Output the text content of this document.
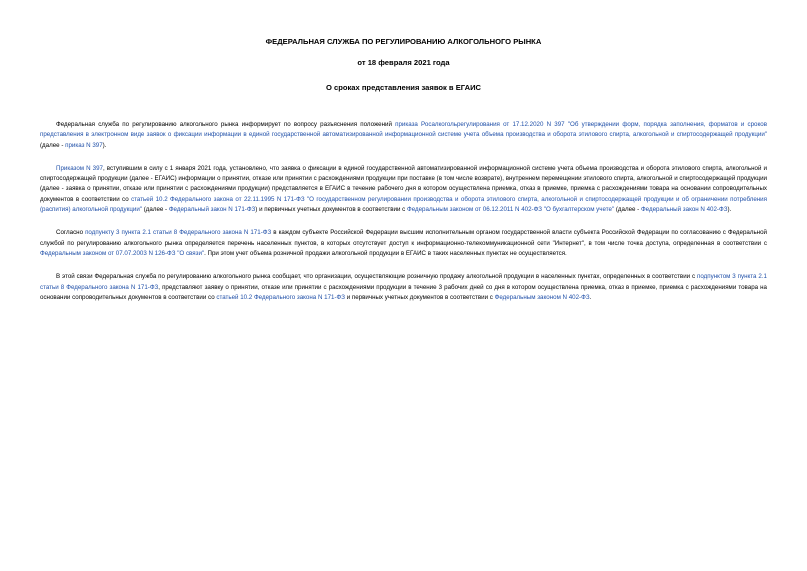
ФЕДЕРАЛЬНАЯ СЛУЖБА ПО РЕГУЛИРОВАНИЮ АЛКОГОЛЬНОГО РЫНКА
от 18 февраля 2021 года
О сроках представления заявок в ЕГАИС

Федеральная служба по регулированию алкогольного рынка информирует по вопросу разъяснения положений приказа Росалкогольрегулирования от 17.12.2020 N 397 "Об утверждении форм, порядка заполнения, форматов и сроков представления в электронном виде заявок о фиксации информации в единой государственной автоматизированной информационной системе учета объема производства и оборота этилового спирта, алкогольной и спиртосодержащей продукции" (далее - приказ N 397).

Приказом N 397, вступившим в силу с 1 января 2021 года, установлено, что заявка о фиксации в единой государственной автоматизированной информационной системе учета объема производства и оборота этилового спирта, алкогольной и спиртосодержащей продукции (далее - ЕГАИС) информации о принятии, отказе или принятии с расхождениями продукции при поставке (в том числе возврате), внутреннем перемещении этилового спирта, алкогольной и спиртосодержащей продукции (далее - заявка о принятии, отказе или принятии с расхождениями продукции) представляется в ЕГАИС в течение рабочего дня в котором осуществлена приемка, отказ в приемке, приемка с расхождениями товара на основании сопроводительных документов в соответствии со статьей 10.2 Федерального закона от 22.11.1995 N 171-ФЗ "О государственном регулировании производства и оборота этилового спирта, алкогольной и спиртосодержащей продукции и об ограничении потребления (распития) алкогольной продукции" (далее - Федеральный закон N 171-ФЗ) и первичных учетных документов в соответствии с Федеральным законом от 06.12.2011 N 402-ФЗ "О бухгалтерском учете" (далее - Федеральный закон N 402-ФЗ).

Согласно подпункту 3 пункта 2.1 статьи 8 Федерального закона N 171-ФЗ в каждом субъекте Российской Федерации высшим исполнительным органом государственной власти субъекта Российской Федерации по согласованию с Федеральной службой по регулированию алкогольного рынка определяется перечень населенных пунктов, в которых отсутствует доступ к информационно-телекоммуникационной сети "Интернет", в том числе точка доступа, определенная в соответствии с Федеральным законом от 07.07.2003 N 126-ФЗ "О связи". При этом учет объема розничной продажи алкогольной продукции в ЕГАИС в таких населенных пунктах не осуществляется.

В этой связи Федеральная служба по регулированию алкогольного рынка сообщает, что организации, осуществляющие розничную продажу алкогольной продукции в населенных пунктах, определенных в соответствии с подпунктом 3 пункта 2.1 статьи 8 Федерального закона N 171-ФЗ, представляют заявку о принятии, отказе или принятии с расхождениями продукции в течение 3 рабочих дней со дня в котором осуществлена приемка, отказ в приемке, приемка с расхождениями товара на основании сопроводительных документов в соответствии со статьей 10.2 Федерального закона N 171-ФЗ и первичных учетных документов в соответствии с Федеральным законом N 402-ФЗ.
